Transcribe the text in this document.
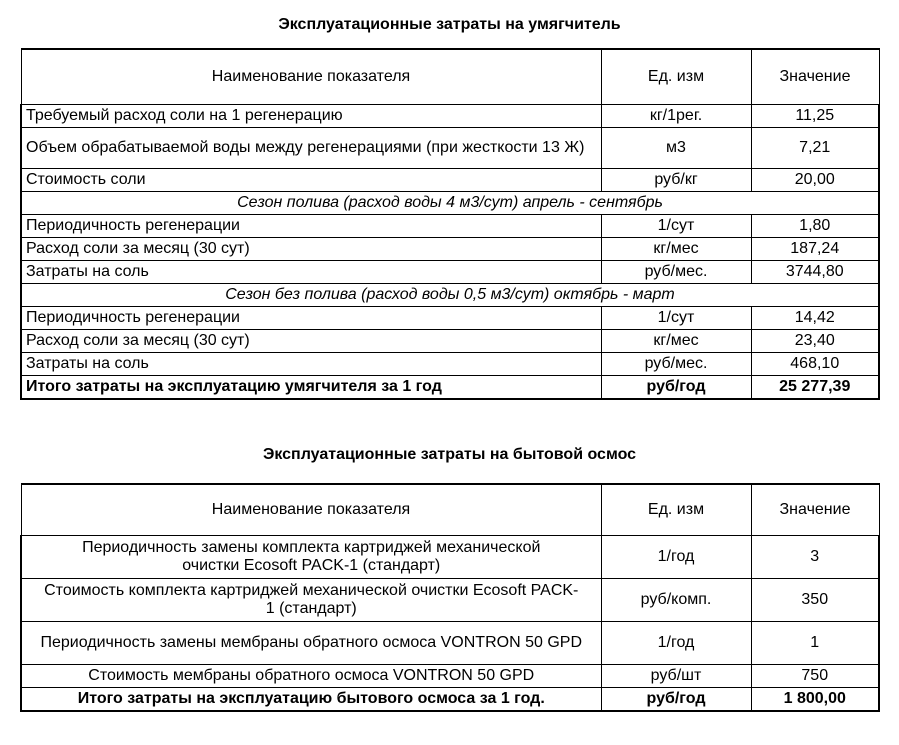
Эксплуатационные затраты на умягчитель
Наименование показателя	Ед. изм	Значение
Требуемый расход соли на 1 регенерацию	кг/1рег.	11,25
Объем обрабатываемой воды между регенерациями (при жесткости 13 Ж)	м3	7,21
Стоимость соли	руб/кг	20,00
Сезон полива (расход воды 4 м3/сут) апрель - сентябрь		
Периодичность регенерации	1/сут	1,80
Расход соли за месяц (30 сут)	кг/мес	187,24
Затраты на соль	руб/мес.	3744,80
Сезон без полива (расход воды 0,5 м3/сут) октябрь - март		
Периодичность регенерации	1/сут	14,42
Расход соли за месяц (30 сут)	кг/мес	23,40
Затраты на соль	руб/мес.	468,10
Итого затраты на эксплуатацию умягчителя за 1 год	руб/год	25 277,39
Эксплуатационные затраты на бытовой осмос
Наименование показателя	Ед. изм	Значение
Периодичность замены комплекта картриджей механической очистки Ecosoft PACK-1 (стандарт)	1/год	3
Стоимость комплекта картриджей механической очистки Ecosoft PACK-1 (стандарт)	руб/комп.	350
Периодичность замены мембраны обратного осмоса VONTRON 50 GPD	1/год	1
Стоимость мембраны обратного осмоса VONTRON 50 GPD	руб/шт	750
Итого затраты на эксплуатацию бытового осмоса за 1 год.	руб/год	1 800,00
